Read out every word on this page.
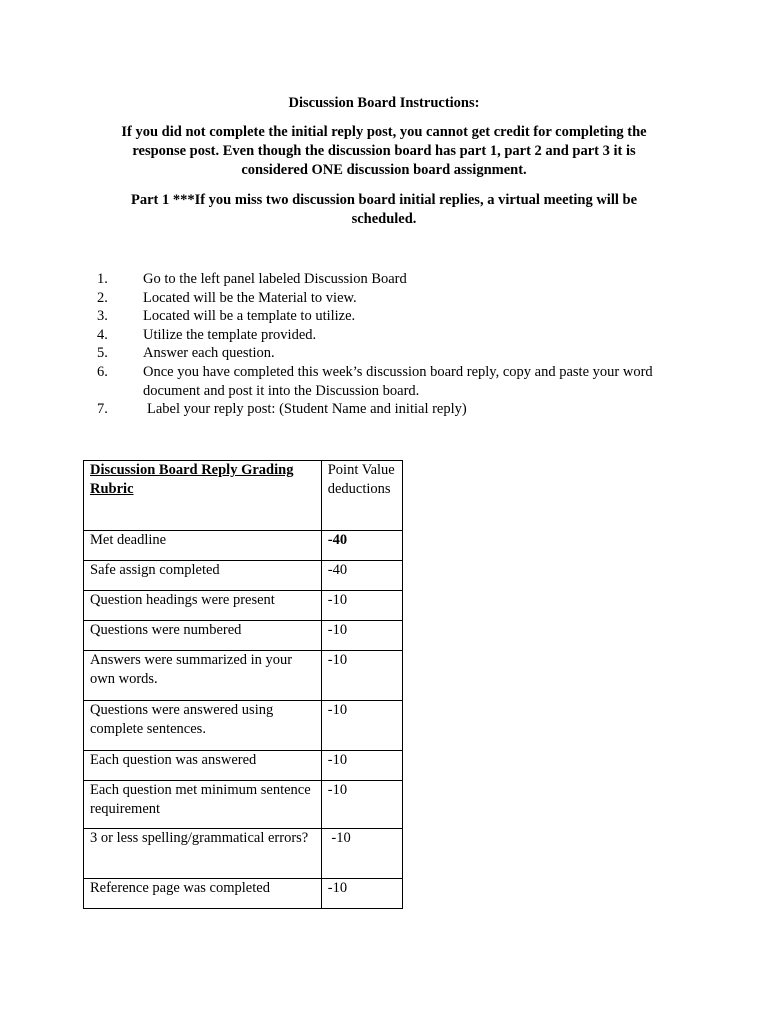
Discussion Board Instructions:
If you did not complete the initial reply post, you cannot get credit for completing the response post. Even though the discussion board has part 1, part 2 and part 3 it is considered ONE discussion board assignment.
Part 1 ***If you miss two discussion board initial replies, a virtual meeting will be scheduled.
1. Go to the left panel labeled Discussion Board
2. Located will be the Material to view.
3. Located will be a template to utilize.
4. Utilize the template provided.
5. Answer each question.
6. Once you have completed this week’s discussion board reply, copy and paste your word document and post it into the Discussion board.
7.	Label your reply post: (Student Name and initial reply)
Discussion Board Reply Grading Rubric	Point Value deductions
Met deadline	-40
Safe assign completed	-40
Question headings were present	-10
Questions were numbered	-10
Answers were summarized in your own words.	-10
Questions were answered using complete sentences.	-10
Each question was answered	-10
Each question met minimum sentence requirement	-10
3 or less spelling/grammatical errors?	-10
Reference page was completed	-10
